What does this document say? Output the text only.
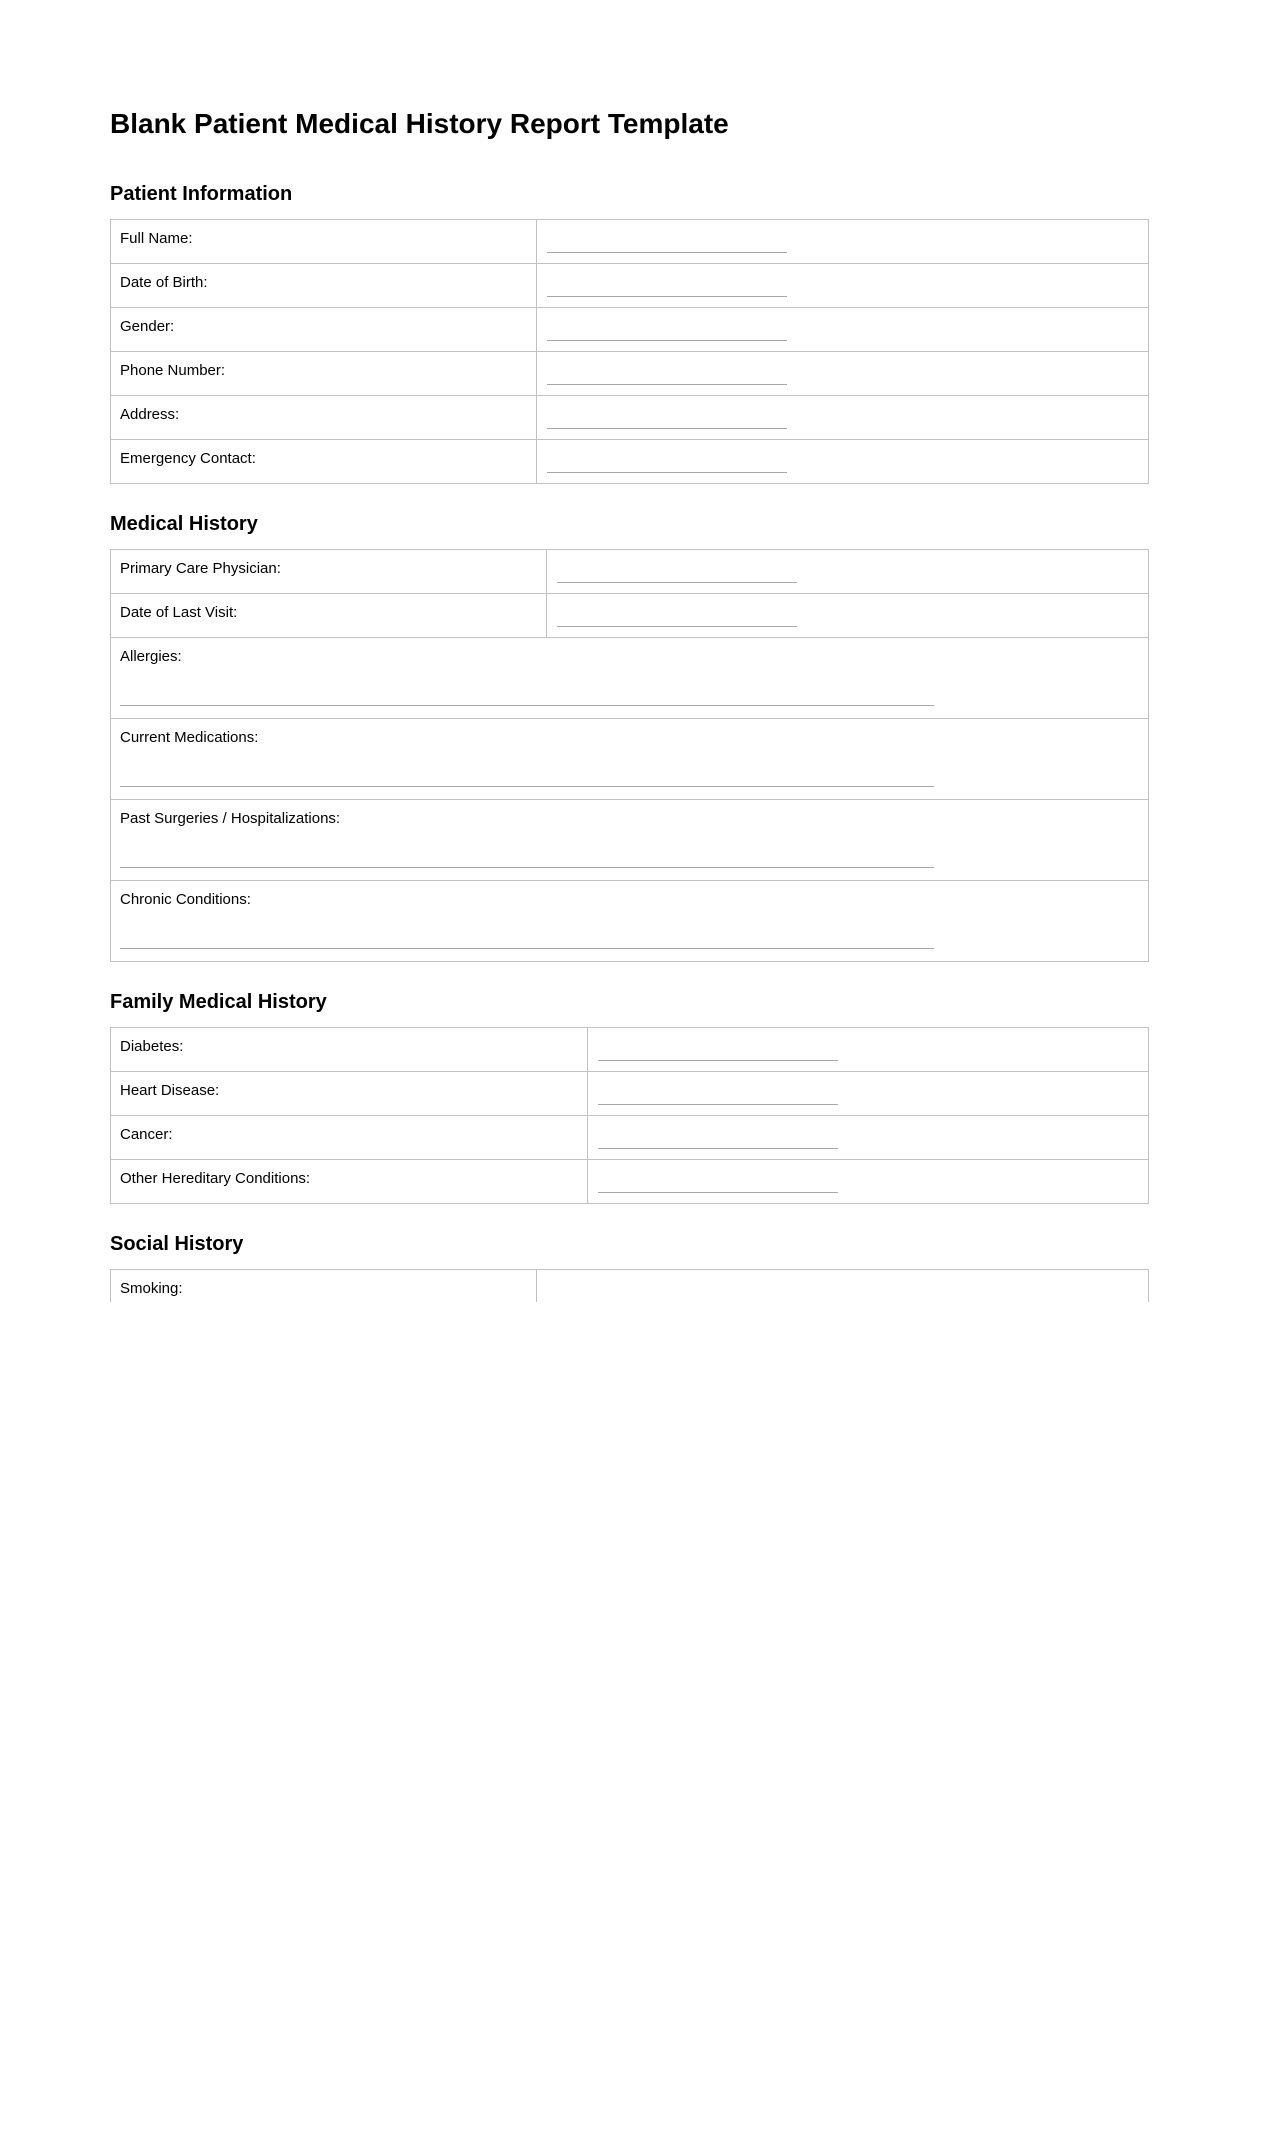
Blank Patient Medical History Report Template
Patient Information
Full Name:	

Date of Birth:	

Gender:	

Phone Number:	

Address:	

Emergency Contact:	
Medical History
Primary Care Physician:	

Date of Last Visit:	

Allergies:	

Current Medications:	

Past Surgeries / Hospitalizations:	

Chronic Conditions:	
Family Medical History
Diabetes:	

Heart Disease:	

Cancer:	

Other Hereditary Conditions:	
Social History
Smoking:	
